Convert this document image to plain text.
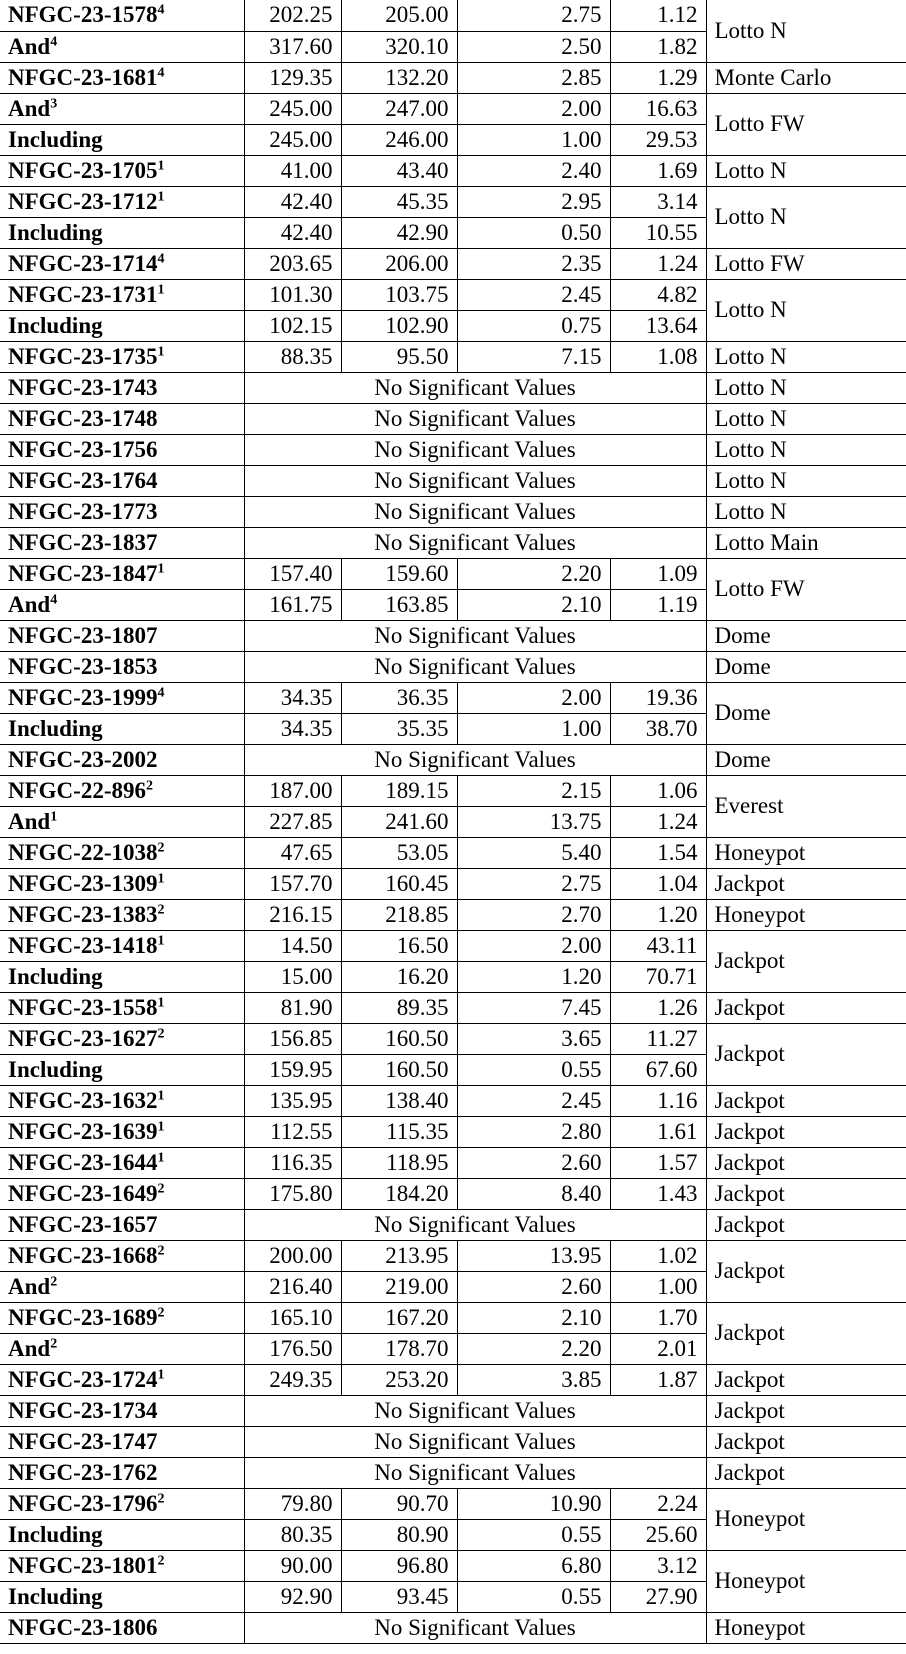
NFGC-23-1578$^4$	202.25	205.00	2.75	1.12	Lotto N
And$^4$	317.60	320.10	2.50	1.82	
NFGC-23-1681$^4$	129.35	132.20	2.85	1.29	Monte Carlo
And$^3$	245.00	247.00	2.00	16.63	Lotto FW
Including	245.00	246.00	1.00	29.53	
NFGC-23-1705$^1$	41.00	43.40	2.40	1.69	Lotto N
NFGC-23-1712$^1$	42.40	45.35	2.95	3.14	Lotto N
Including	42.40	42.90	0.50	10.55	
NFGC-23-1714$^4$	203.65	206.00	2.35	1.24	Lotto FW
NFGC-23-1731$^1$	101.30	103.75	2.45	4.82	Lotto N
Including	102.15	102.90	0.75	13.64	
NFGC-23-1735$^1$	88.35	95.50	7.15	1.08	Lotto N
NFGC-23-1743	No Significant Values				Lotto N
NFGC-23-1748	No Significant Values				Lotto N
NFGC-23-1756	No Significant Values				Lotto N
NFGC-23-1764	No Significant Values				Lotto N
NFGC-23-1773	No Significant Values				Lotto N
NFGC-23-1837	No Significant Values				Lotto Main
NFGC-23-1847$^1$	157.40	159.60	2.20	1.09	Lotto FW
And$^4$	161.75	163.85	2.10	1.19	
NFGC-23-1807	No Significant Values				Dome
NFGC-23-1853	No Significant Values				Dome
NFGC-23-1999$^4$	34.35	36.35	2.00	19.36	Dome
Including	34.35	35.35	1.00	38.70	
NFGC-23-2002	No Significant Values				Dome
NFGC-$22-896^2$	187.00	189.15	2.15	1.06	Everest
And$^1$	227.85	241.60	13.75	1.24	
NFGC-22-1038$^2$	47.65	53.05	5.40	1.54	Honeypot
NFGC-23-1309$^1$	157.70	160.45	2.75	1.04	Jackpot
NFGC-23-1383$^2$	216.15	218.85	2.70	1.20	Honeypot
NFGC-23-1418$^1$	14.50	16.50	2.00	43.11	Jackpot
Including	15.00	16.20	1.20	70.71	
NFGC-23-1558$^1$	81.90	89.35	7.45	1.26	Jackpot
NFGC-23-1627$^2$	156.85	160.50	3.65	11.27	Jackpot
Including	159.95	160.50	0.55	67.60	
NFGC-23-1632$^1$	135.95	138.40	2.45	1.16	Jackpot
NFGC-23-1639$^1$	112.55	115.35	2.80	1.61	Jackpot
NFGC-23-1644$^1$	116.35	118.95	2.60	1.57	Jackpot
NFGC-23-1649$^2$	175.80	184.20	8.40	1.43	Jackpot
NFGC-23-1657	No Significant Values				Jackpot
NFGC-23-1668$^2$	200.00	213.95	13.95	1.02	Jackpot
And$^2$	216.40	219.00	2.60	1.00	
NFGC-23-1689$^2$	165.10	167.20	2.10	1.70	Jackpot
And$^2$	176.50	178.70	2.20	2.01	
NFGC-23-1724$^1$	249.35	253.20	3.85	1.87	Jackpot
NFGC-23-1734	No Significant Values				Jackpot
NFGC-23-1747	No Significant Values				Jackpot
NFGC-23-1762	No Significant Values				Jackpot
NFGC-23-1796$^2$	79.80	90.70	10.90	2.24	Honeypot
Including	80.35	80.90	0.55	25.60	
NFGC-23-1801$^2$	90.00	96.80	6.80	3.12	Honeypot
Including	92.90	93.45	0.55	27.90	
NFGC-23-1806	No Significant Values				Honeypot
